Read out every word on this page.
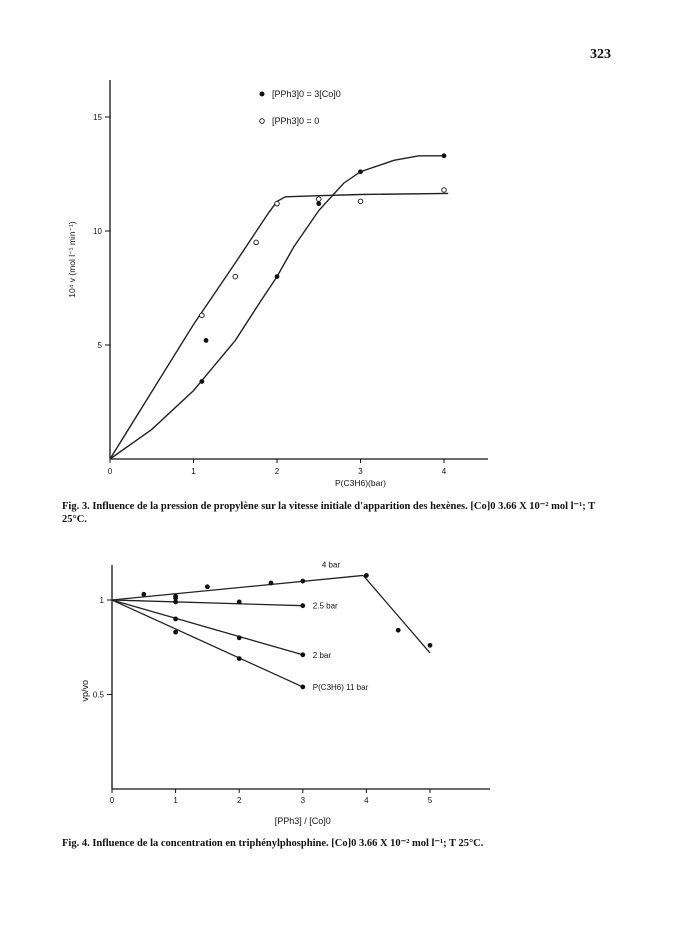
323
0	1	2	3	4
5
10
15
P(C3H6)(bar)
10⁴ v (mol l⁻¹ min⁻¹)
[PPh3]0 = 3[Co]0
[PPh3]0 = 0
0	1	2	3	4	5
0.5
1
[PPh3] / [Co]0
vp/vo
4 bar
2.5 bar
2 bar
P(C3H6) 11 bar
Fig. 3. Influence de la pression de propylène sur la vitesse initiale d'apparition des hexènes. [Co]0 3.66 X 10⁻² mol l⁻¹; T 25°C.
Fig. 4. Influence de la concentration en triphénylphosphine. [Co]0 3.66 X 10⁻² mol l⁻¹; T 25°C.
